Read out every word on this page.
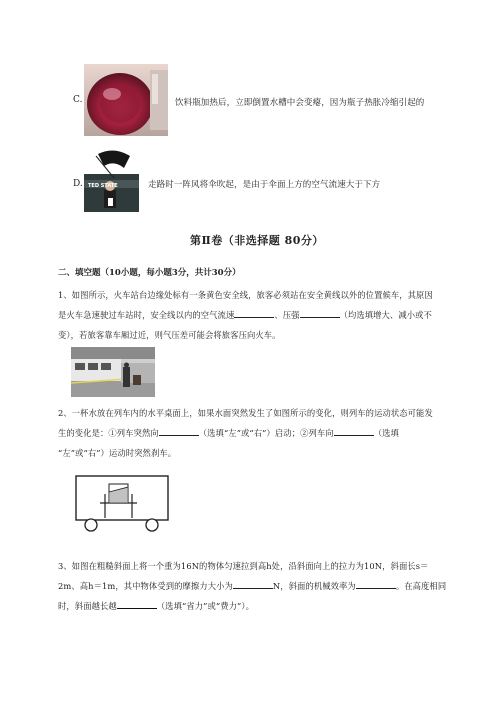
C.	饮料瓶加热后，立即倒置水槽中会变瘪，因为瓶子热胀冷缩引起的
D. TED STATE	走路时一阵风将伞吹起，是由于伞面上方的空气流速大于下方
第Ⅱ卷（非选择题 80分）
二、填空题（10小题，每小题3分，共计30分）
1、如图所示，火车站台边缘处标有一条黄色安全线，旅客必须站在安全黄线以外的位置候车，其原因
是火车急速驶过车站时，安全线以内的空气流速	、压强	（均选填增大、减小或不
变），若旅客靠车厢过近，则气压差可能会将旅客压向火车。
2、一杯水放在列车内的水平桌面上，如果水面突然发生了如图所示的变化，则列车的运动状态可能发
生的变化是：①列车突然向	（选填“左”或“右”）启动；②列车向	（选填
“左”或“右”）运动时突然刹车。
3、如图在粗糙斜面上将一个重为16N的物体匀速拉到高h处，沿斜面向上的拉力为10N，斜面长s＝
2m、高h＝1m，其中物体受到的摩擦力大小为	N，斜面的机械效率为	。在高度相同
时，斜面越长越	（选填“省力”或“费力”）。
